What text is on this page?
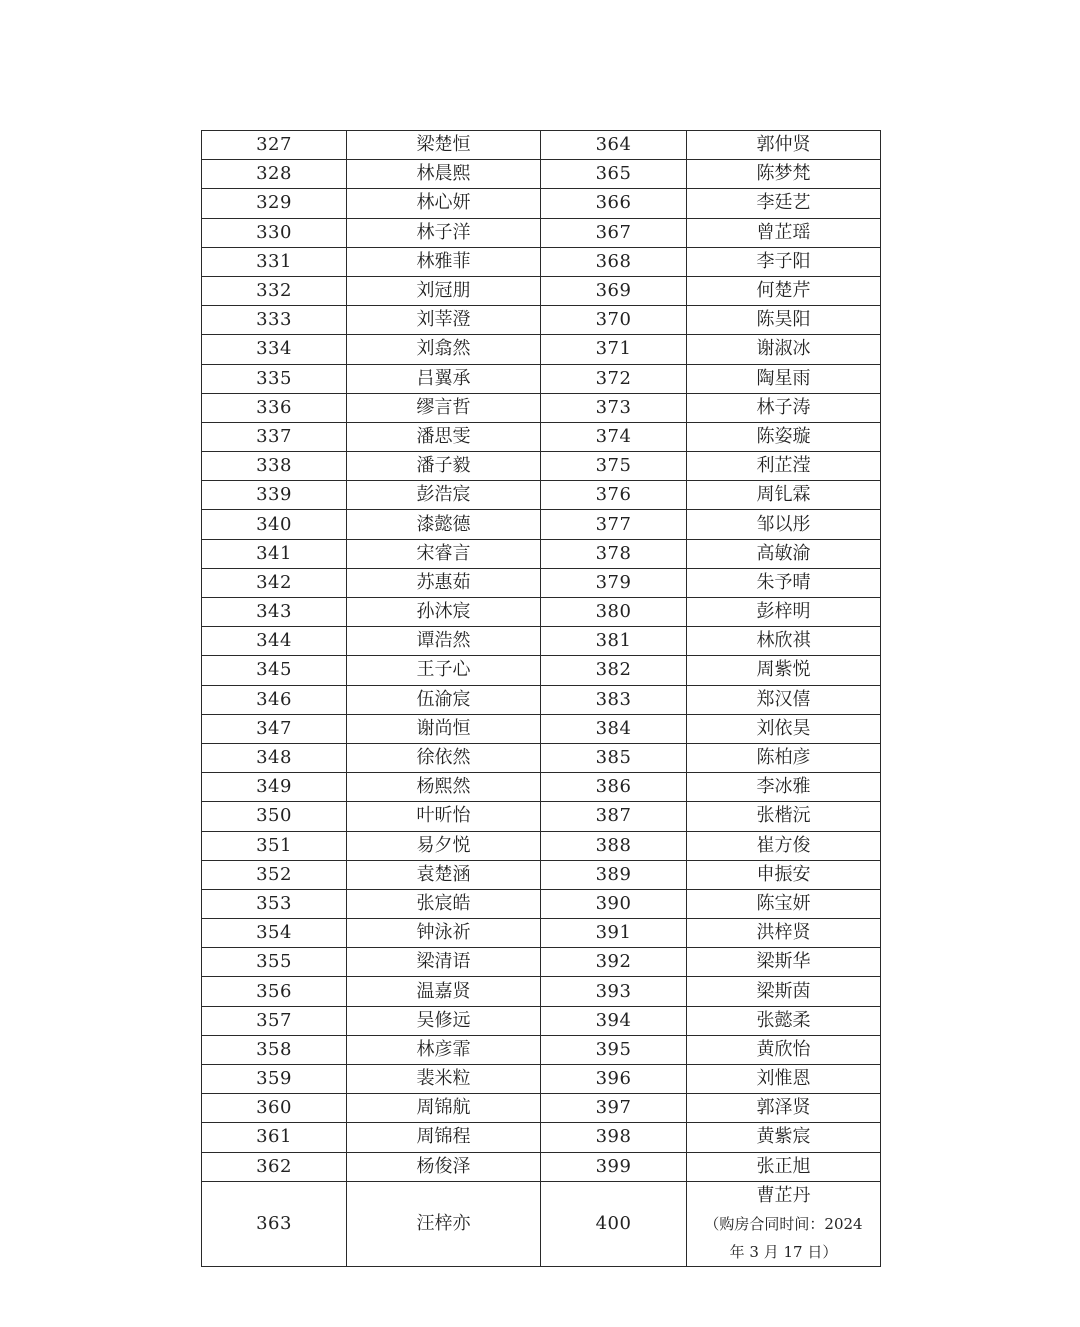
327	梁楚恒	364	郭仲贤
328	林晨熙	365	陈梦梵
329	林心妍	366	李廷艺
330	林子洋	367	曾芷瑶
331	林雅菲	368	李子阳
332	刘冠朋	369	何楚芹
333	刘莘澄	370	陈昊阳
334	刘翕然	371	谢淑冰
335	吕翼承	372	陶星雨
336	缪言哲	373	林子涛
337	潘思雯	374	陈姿璇
338	潘子毅	375	利芷滢
339	彭浩宸	376	周钆霖
340	漆懿德	377	邹以彤
341	宋睿言	378	高敏渝
342	苏惠茹	379	朱予晴
343	孙沐宸	380	彭梓明
344	谭浩然	381	林欣祺
345	王子心	382	周紫悦
346	伍渝宸	383	郑汉僖
347	谢尚恒	384	刘依昊
348	徐依然	385	陈柏彦
349	杨熙然	386	李冰雅
350	叶昕怡	387	张楷沅
351	易夕悦	388	崔方俊
352	袁楚涵	389	申振安
353	张宸皓	390	陈宝妍
354	钟泳祈	391	洪梓贤
355	梁清语	392	梁斯华
356	温嘉贤	393	梁斯茵
357	吴修远	394	张懿柔
358	林彦霏	395	黄欣怡
359	裴米粒	396	刘惟恩
360	周锦航	397	郭泽贤
361	周锦程	398	黄紫宸
362	杨俊泽	399	张正旭
363	汪梓亦	400	曹芷丹
（购房合同时间：2024
年 3 月 17 日）
